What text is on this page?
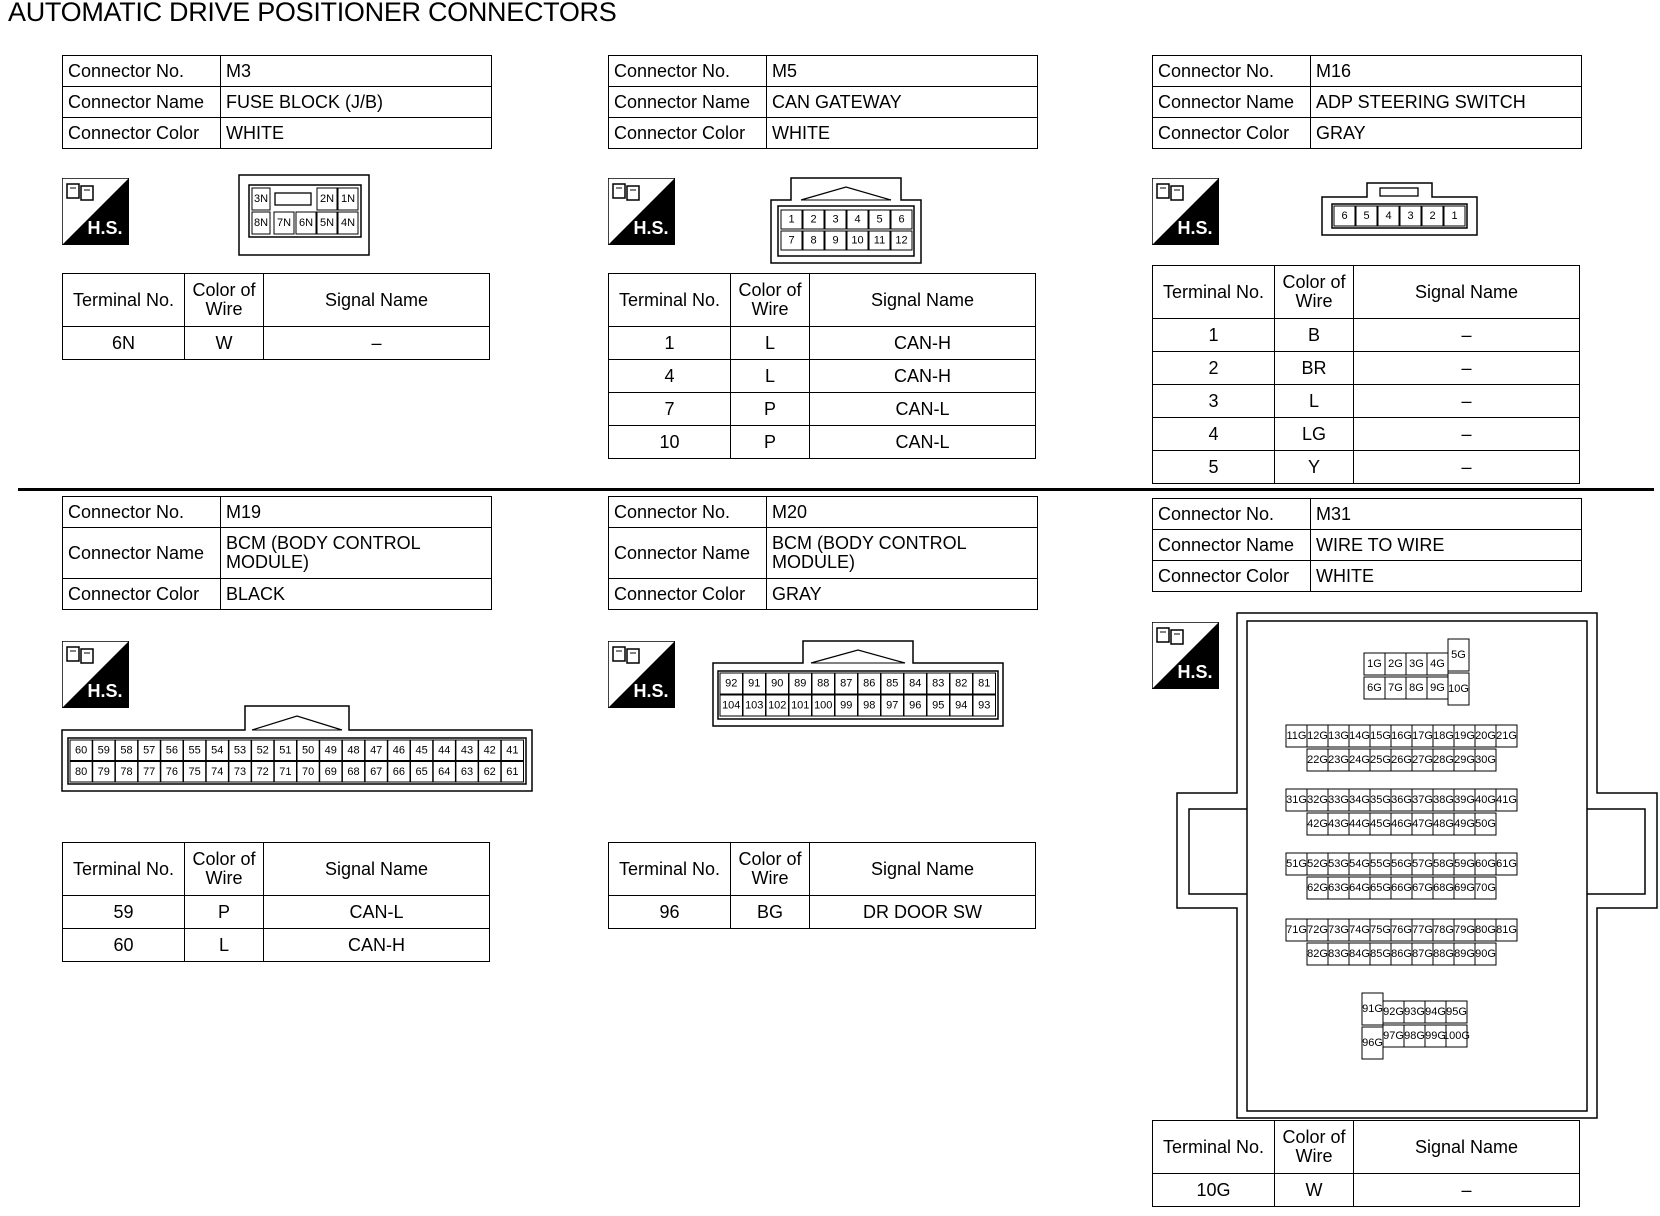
AUTOMATIC DRIVE POSITIONER CONNECTORS
Connector No.	M3
Connector Name	FUSE BLOCK (J/B)
Connector Color	WHITE
H.S.
3N	2N 1N
8N 7N 6N 5N 4N
Terminal No.	Color of Wire	Signal Name
6N	W	–
Connector No.	M5
Connector Name	CAN GATEWAY
Connector Color	WHITE
H.S.	1 2 3 4 5 6
7 8 9 10 11 12
Terminal No.	Color of Wire	Signal Name
1	L	CAN-H
4	L	CAN-H
7	P	CAN-L
10	P	CAN-L
Connector No.	M16
Connector Name	ADP STEERING SWITCH
Connector Color	GRAY
H.S.
6 5 4 3 2 1
Terminal No.	Color of Wire	Signal Name
1	B	–
2	BR	–
3	L	–
4	LG	–
5	Y	–
Connector No.	M19
Connector Name	BCM (BODY CONTROL MODULE)
Connector Color	BLACK
H.S.
60 59 58 57 56 55 54 53 52 51 50 49 48 47 46 45 44 43 42 41
80 79 78 77 76 75 74 73 72 71 70 69 68 67 66 65 64 63 62 61
Terminal No.	Color of Wire	Signal Name
59	P	CAN-L
60	L	CAN-H
Connector No.	M20
Connector Name	BCM (BODY CONTROL MODULE)
Connector Color	GRAY
H.S.	92 91 90 89 88 87 86 85 84 83 82 81
104 103 102 101 100 99 98 97 96 95 94 93
Terminal No.	Color of Wire	Signal Name
96	BG	DR DOOR SW
Connector No.	M31
Connector Name	WIRE TO WIRE
Connector Color	WHITE
H.S.	1G 2G 3G 4G
5G
6G 7G 8G 9G 10G
11G 12G 13G 14G 15G 16G 17G 18G 19G 20G 21G
22G 23G 24G 25G 26G 27G 28G 29G 30G
31G 32G 33G 34G 35G 36G 37G 38G 39G 40G 41G
42G 43G 44G 45G 46G 47G 48G 49G 50G
51G 52G 53G 54G 55G 56G 57G 58G 59G 60G 61G
62G 63G 64G 65G 66G 67G 68G 69G 70G
71G 72G 73G 74G 75G 76G 77G 78G 79G 80G 81G
82G 83G 84G 85G 86G 87G 88G 89G 90G
91G 92G 93G 94G 95G
96G
97G 98G 99G
100G
Terminal No.	Color of Wire	Signal Name
10G	W	–
